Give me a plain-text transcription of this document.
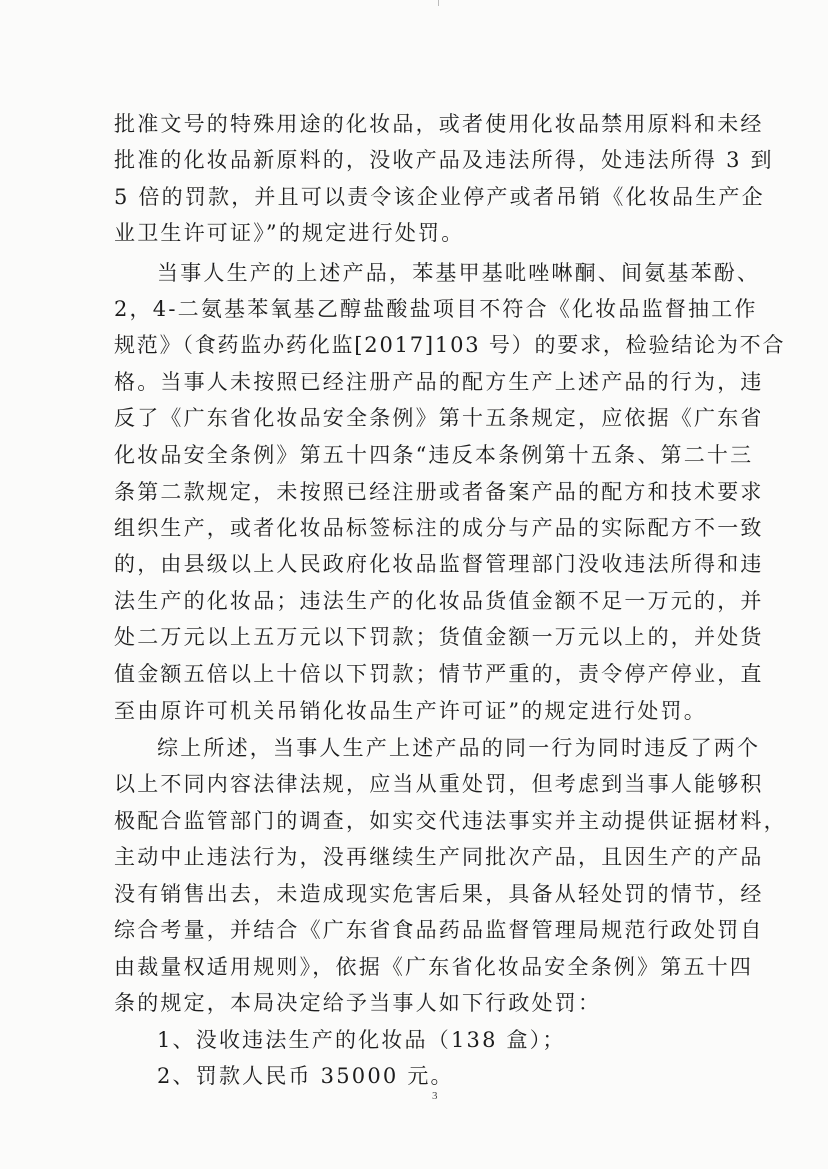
批准文号的特殊用途的化妆品，或者使用化妆品禁用原料和未经
批准的化妆品新原料的，没收产品及违法所得，处违法所得 3 到
5 倍的罚款，并且可以责令该企业停产或者吊销《化妆品生产企
业卫生许可证》”的规定进行处罚。
当事人生产的上述产品，苯基甲基吡唑啉酮、间氨基苯酚、
2，4-二氨基苯氧基乙醇盐酸盐项目不符合《化妆品监督抽工作
规范》（食药监办药化监[2017]103 号）的要求，检验结论为不合
格。当事人未按照已经注册产品的配方生产上述产品的行为，违
反了《广东省化妆品安全条例》第十五条规定，应依据《广东省
化妆品安全条例》第五十四条“违反本条例第十五条、第二十三
条第二款规定，未按照已经注册或者备案产品的配方和技术要求
组织生产，或者化妆品标签标注的成分与产品的实际配方不一致
的，由县级以上人民政府化妆品监督管理部门没收违法所得和违
法生产的化妆品；违法生产的化妆品货值金额不足一万元的，并
处二万元以上五万元以下罚款；货值金额一万元以上的，并处货
值金额五倍以上十倍以下罚款；情节严重的，责令停产停业，直
至由原许可机关吊销化妆品生产许可证”的规定进行处罚。
综上所述，当事人生产上述产品的同一行为同时违反了两个
以上不同内容法律法规，应当从重处罚，但考虑到当事人能够积
极配合监管部门的调查，如实交代违法事实并主动提供证据材料，
主动中止违法行为，没再继续生产同批次产品，且因生产的产品
没有销售出去，未造成现实危害后果，具备从轻处罚的情节，经
综合考量，并结合《广东省食品药品监督管理局规范行政处罚自
由裁量权适用规则》，依据《广东省化妆品安全条例》第五十四
条的规定，本局决定给予当事人如下行政处罚：
1、没收违法生产的化妆品（138 盒）；
2、罚款人民币 35000 元。
3
